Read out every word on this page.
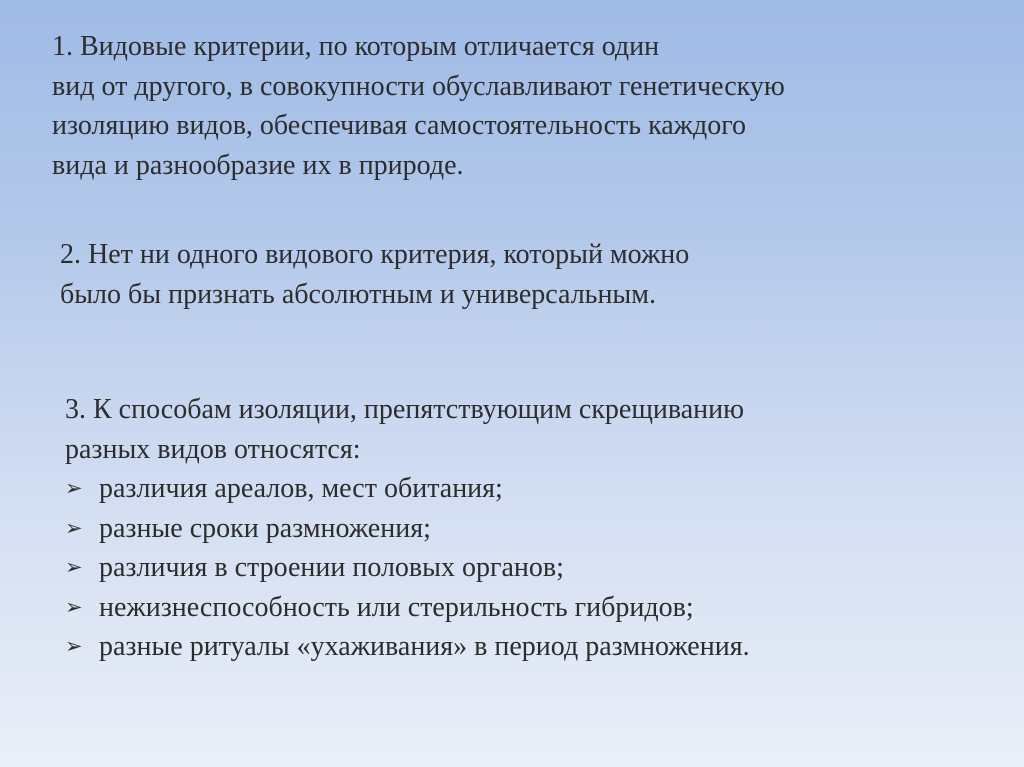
1. Видовые критерии, по которым отличается один
вид от другого, в совокупности обуславливают генетическую
изоляцию видов, обеспечивая самостоятельность каждого
вида и разнообразие их в природе.
2. Нет ни одного видового критерия, который можно
было бы признать абсолютным и универсальным.
3. К способам изоляции, препятствующим скрещиванию
разных видов относятся:
➢ различия ареалов, мест обитания;
➢ разные сроки размножения;
➢ различия в строении половых органов;
➢ нежизнеспособность или стерильность гибридов;
➢ разные ритуалы «ухаживания» в период размножения.
